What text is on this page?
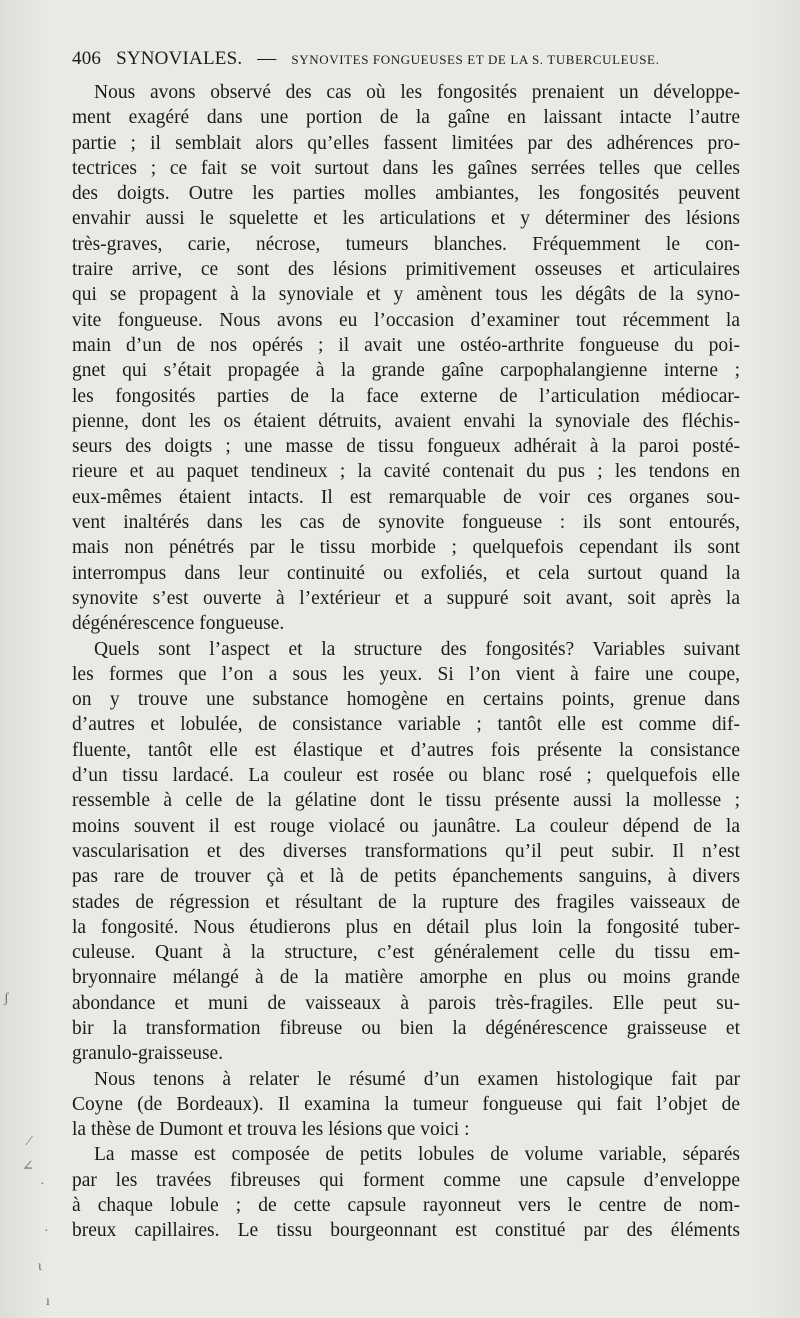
406 SYNOVIALES. — SYNOVITES FONGUEUSES ET DE LA S. TUBERCULEUSE.
Nous avons observé des cas où les fongosités prenaient un développe-
ment exagéré dans une portion de la gaîne en laissant intacte l’autre
partie ; il semblait alors qu’elles fassent limitées par des adhérences pro-
tectrices ; ce fait se voit surtout dans les gaînes serrées telles que celles
des doigts. Outre les parties molles ambiantes, les fongosités peuvent
envahir aussi le squelette et les articulations et y déterminer des lésions
très-graves, carie, nécrose, tumeurs blanches. Fréquemment le con-
traire arrive, ce sont des lésions primitivement osseuses et articulaires
qui se propagent à la synoviale et y amènent tous les dégâts de la syno-
vite fongueuse. Nous avons eu l’occasion d’examiner tout récemment la
main d’un de nos opérés ; il avait une ostéo-arthrite fongueuse du poi-
gnet qui s’était propagée à la grande gaîne carpophalangienne interne ;
les fongosités parties de la face externe de l’articulation médiocar-
pienne, dont les os étaient détruits, avaient envahi la synoviale des fléchis-
seurs des doigts ; une masse de tissu fongueux adhérait à la paroi posté-
rieure et au paquet tendineux ; la cavité contenait du pus ; les tendons en
eux-mêmes étaient intacts. Il est remarquable de voir ces organes sou-
vent inaltérés dans les cas de synovite fongueuse : ils sont entourés,
mais non pénétrés par le tissu morbide ; quelquefois cependant ils sont
interrompus dans leur continuité ou exfoliés, et cela surtout quand la
synovite s’est ouverte à l’extérieur et a suppuré soit avant, soit après la
dégénérescence fongueuse.
Quels sont l’aspect et la structure des fongosités? Variables suivant
les formes que l’on a sous les yeux. Si l’on vient à faire une coupe,
on y trouve une substance homogène en certains points, grenue dans
d’autres et lobulée, de consistance variable ; tantôt elle est comme dif-
fluente, tantôt elle est élastique et d’autres fois présente la consistance
d’un tissu lardacé. La couleur est rosée ou blanc rosé ; quelquefois elle
ressemble à celle de la gélatine dont le tissu présente aussi la mollesse ;
moins souvent il est rouge violacé ou jaunâtre. La couleur dépend de la
vascularisation et des diverses transformations qu’il peut subir. Il n’est
pas rare de trouver çà et là de petits épanchements sanguins, à divers
stades de régression et résultant de la rupture des fragiles vaisseaux de
la fongosité. Nous étudierons plus en détail plus loin la fongosité tuber-
culeuse. Quant à la structure, c’est généralement celle du tissu em-
bryonnaire mélangé à de la matière amorphe en plus ou moins grande
abondance et muni de vaisseaux à parois très-fragiles. Elle peut su-
bir la transformation fibreuse ou bien la dégénérescence graisseuse et
granulo-graisseuse.
Nous tenons à relater le résumé d’un examen histologique fait par
Coyne (de Bordeaux). Il examina la tumeur fongueuse qui fait l’objet de
la thèse de Dumont et trouva les lésions que voici :
La masse est composée de petits lobules de volume variable, séparés
par les travées fibreuses qui forment comme une capsule d’enveloppe
à chaque lobule ; de cette capsule rayonneut vers le centre de nom-
breux capillaires. Le tissu bourgeonnant est constitué par des éléments
ʃ
⁄
∠
·
·
ɩ
ı
